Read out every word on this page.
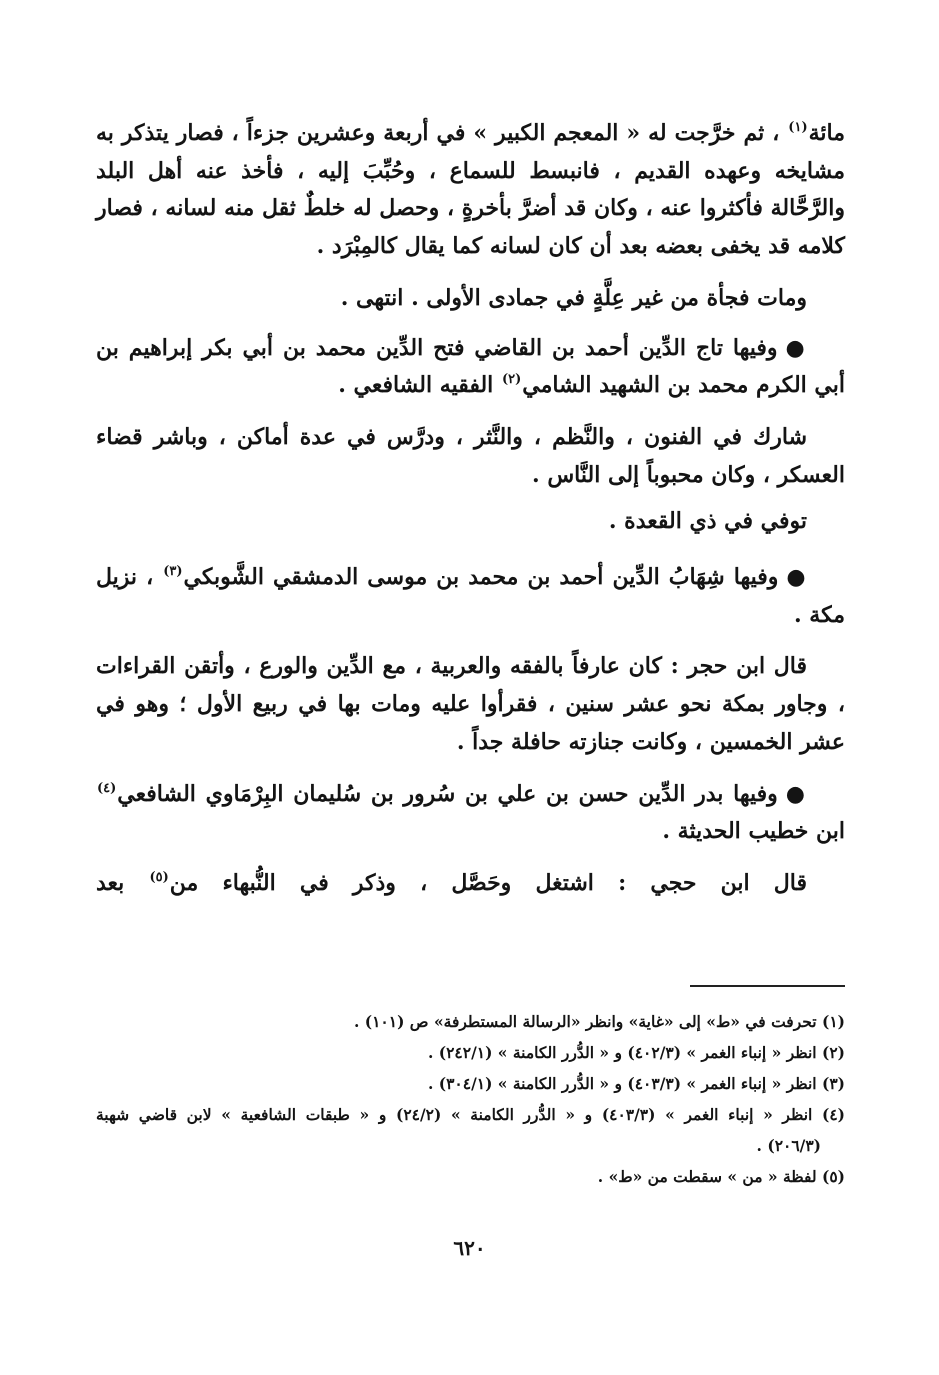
مائة$^{(١)}$ ، ثم خرَّجت له « المعجم الكبير » في أربعة وعشرين جزءاً ، فصار يتذكر به مشايخه وعهده القديم ، فانبسط للسماع ، وحُبِّبَ إليه ، فأخذ عنه أهل البلد والرَّحَّالة فأكثروا عنه ، وكان قد أضرَّ بأخرةٍ ، وحصل له خلطٌ ثقل منه لسانه ، فصار كلامه قد يخفى بعضه بعد أن كان لسانه كما يقال كالمِبْرَد .

ومات فجأة من غير عِلَّةٍ في جمادى الأولى . انتهى .

●وفيها تاج الدِّين أحمد بن القاضي فتح الدِّين محمد بن أبي بكر إبراهيم بن أبي الكرم محمد بن الشهيد الشامي$^{(٢)}$ الفقيه الشافعي .

شارك في الفنون ، والنَّظم ، والنَّثر ، ودرَّس في عدة أماكن ، وباشر قضاء العسكر ، وكان محبوباً إلى النَّاس .

توفي في ذي القعدة .

●وفيها شِهَابُ الدِّين أحمد بن محمد بن موسى الدمشقي الشَّوبكي$^{(٣)}$ ، نزيل مكة .

قال ابن حجر : كان عارفاً بالفقه والعربية ، مع الدِّين والورع ، وأتقن القراءات ، وجاور بمكة نحو عشر سنين ، فقرأوا عليه ومات بها في ربيع الأول ؛ وهو في عشر الخمسين ، وكانت جنازته حافلة جداً .

●وفيها بدر الدِّين حسن بن علي بن سُرور بن سُليمان البِرْمَاوي الشافعي$^{(٤)}$ ابن خطيب الحديثة .

قال ابن حجي : اشتغل وحَصَّل ، وذكر في النُّبهاء من$^{(٥)}$ بعد

(١) تحرفت في «ط» إلى «غاية» وانظر «الرسالة المستطرفة» ص (١٠١) .

(٢) انظر « إنباء الغمر » (٤٠٢/٣) و « الدُّرر الكامنة » (٢٤٢/١) .

(٣) انظر « إنباء الغمر » (٤٠٣/٣) و « الدُّرر الكامنة » (٣٠٤/١) .

(٤) انظر « إنباء الغمر » (٤٠٣/٣) و « الدُّرر الكامنة » (٢٤/٢) و « طبقات الشافعية » لابن قاضي شهبة

(٢٠٦/٣) .

(٥) لفظة « من » سقطت من «ط» .

٦٢٠
